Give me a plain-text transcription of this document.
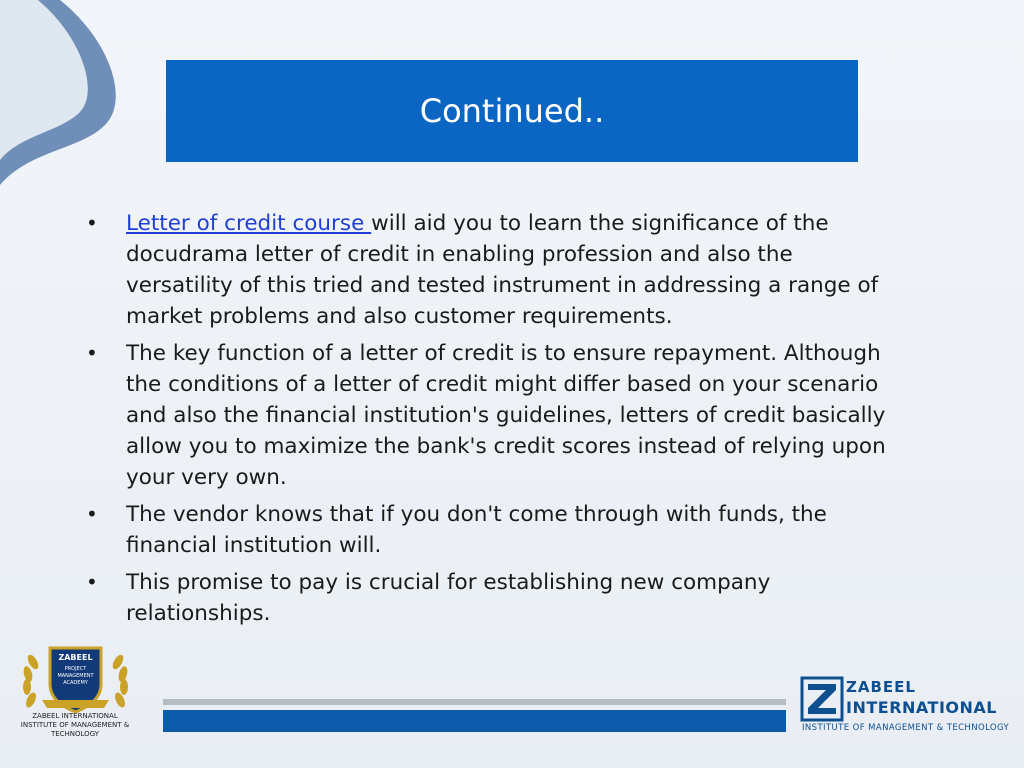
Continued..
• Letter of credit course will aid you to learn the significance of the docudrama letter of credit in enabling profession and also the versatility of this tried and tested instrument in addressing a range of market problems and also customer requirements.
• The key function of a letter of credit is to ensure repayment. Although the conditions of a letter of credit might differ based on your scenario and also the financial institution's guidelines, letters of credit basically allow you to maximize the bank's credit scores instead of relying upon your very own.
• The vendor knows that if you don't come through with funds, the financial institution will.
• This promise to pay is crucial for establishing new company relationships.
ZABEEL
PROJECT
MANAGEMENT
ACADEMY
ZABEEL INTERNATIONAL
INSTITUTE OF MANAGEMENT & TECHNOLOGY
ZABEEL
INTERNATIONAL
INSTITUTE OF MANAGEMENT & TECHNOLOGY
